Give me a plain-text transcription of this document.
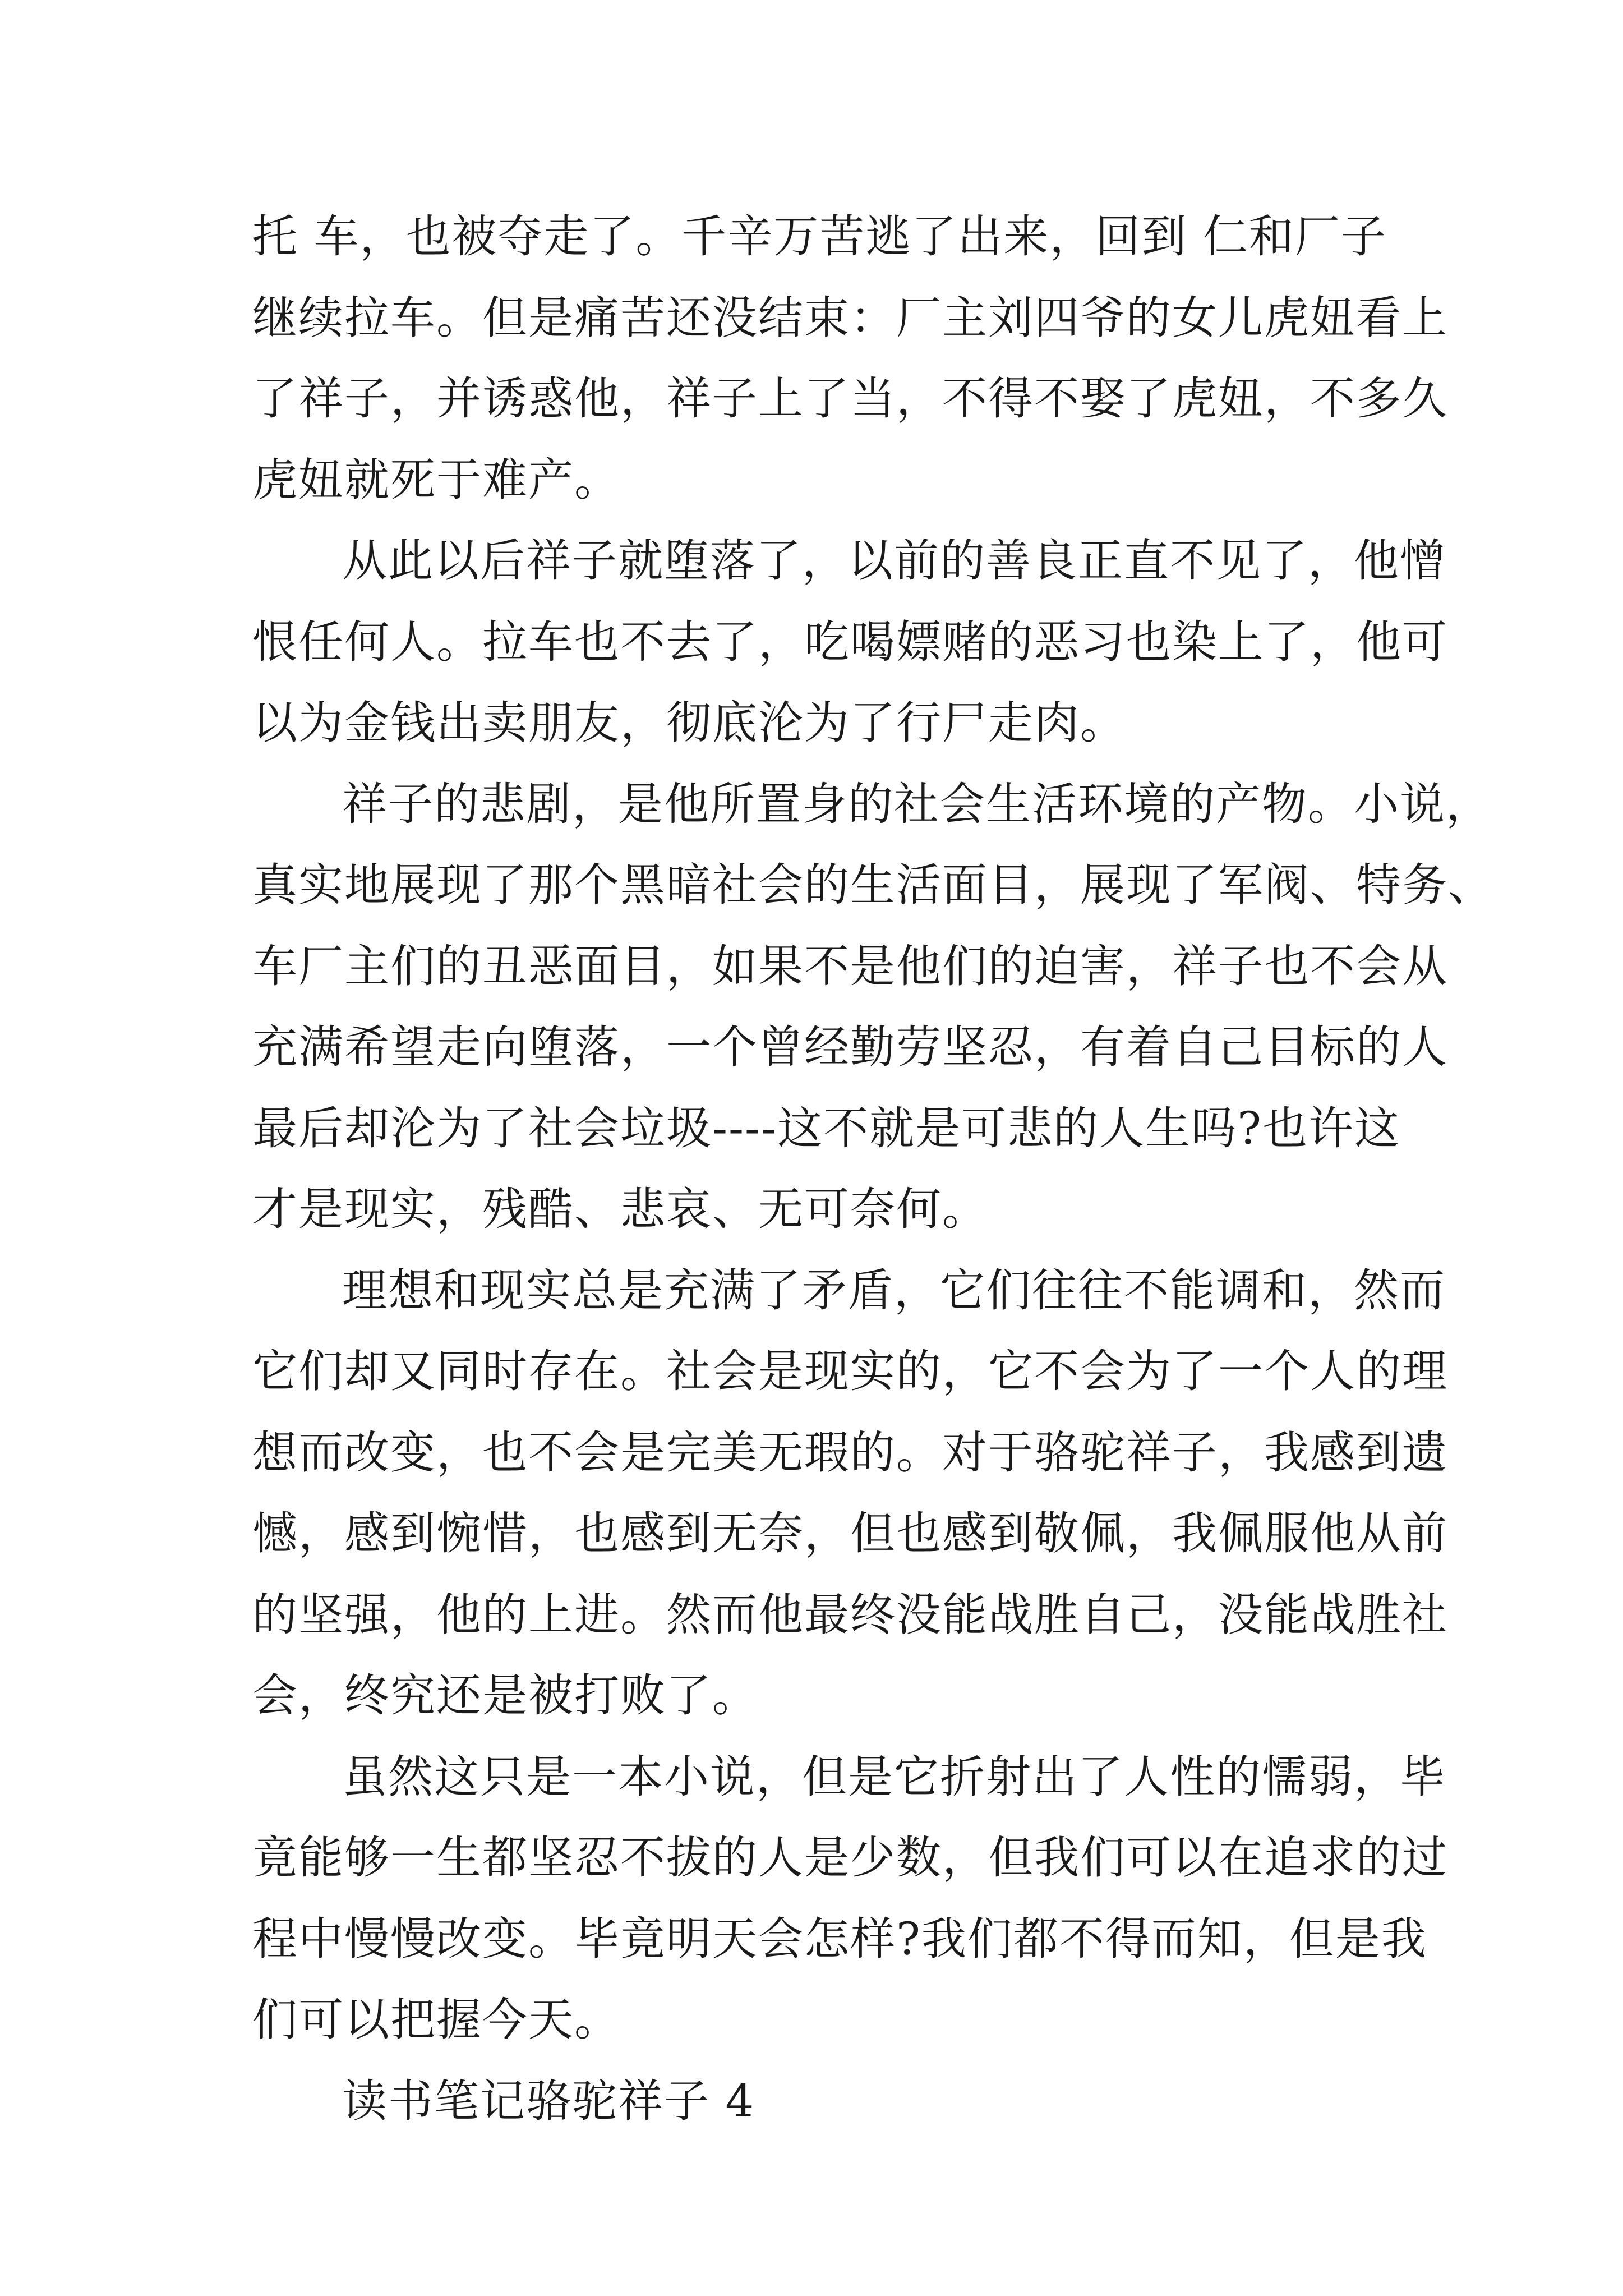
托 车，也被夺走了。千辛万苦逃了出来，回到 仁和厂子
继续拉车。但是痛苦还没结束：厂主刘四爷的女儿虎妞看上
了祥子，并诱惑他，祥子上了当，不得不娶了虎妞，不多久
虎妞就死于难产。
从此以后祥子就堕落了，以前的善良正直不见了，他憎
恨任何人。拉车也不去了，吃喝嫖赌的恶习也染上了，他可
以为金钱出卖朋友，彻底沦为了行尸走肉。
祥子的悲剧，是他所置身的社会生活环境的产物。小说，
真实地展现了那个黑暗社会的生活面目，展现了军阀、特务、
车厂主们的丑恶面目，如果不是他们的迫害，祥子也不会从
充满希望走向堕落，一个曾经勤劳坚忍，有着自己目标的人
最后却沦为了社会垃圾----这不就是可悲的人生吗?也许这
才是现实，残酷、悲哀、无可奈何。
理想和现实总是充满了矛盾，它们往往不能调和，然而
它们却又同时存在。社会是现实的，它不会为了一个人的理
想而改变，也不会是完美无瑕的。对于骆驼祥子，我感到遗
憾，感到惋惜，也感到无奈，但也感到敬佩，我佩服他从前
的坚强，他的上进。然而他最终没能战胜自己，没能战胜社
会，终究还是被打败了。
虽然这只是一本小说，但是它折射出了人性的懦弱，毕
竟能够一生都坚忍不拔的人是少数，但我们可以在追求的过
程中慢慢改变。毕竟明天会怎样?我们都不得而知，但是我
们可以把握今天。
读书笔记骆驼祥子 4
